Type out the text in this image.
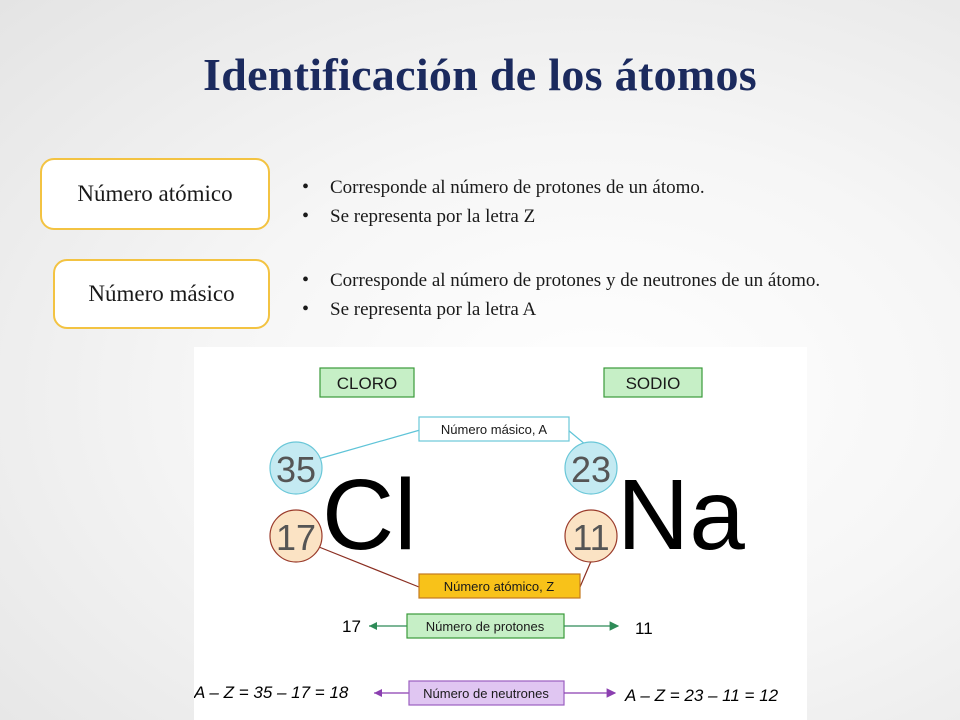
Identificación de los átomos
Número atómico
•	Corresponde al número de protones de un átomo.
• Se representa por la letra Z
Número másico
• Corresponde al número de protones y de neutrones de un átomo.
• Se representa por la letra A
CLORO	SODIO
Número másico, A
Número atómico, Z
35
17 Cl	23
11 Na
17	Número de protones	11
A – Z = 35 – 17 = 18	Número de neutrones	A – Z = 23 – 11 = 12
